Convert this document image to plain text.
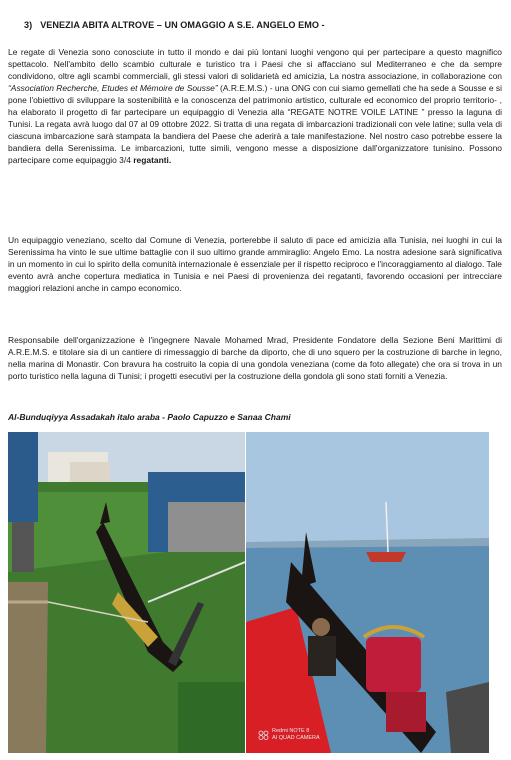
3) VENEZIA ABITA ALTROVE – UN OMAGGIO A S.E. ANGELO EMO -

Le regate di Venezia sono conosciute in tutto il mondo e dai più lontani luoghi vengono qui per partecipare a questo magnifico spettacolo. Nell'ambito dello scambio culturale e turistico tra i Paesi che si affacciano sul Mediterraneo e che da sempre condividono, oltre agli scambi commerciali, gli stessi valori di solidarietà ed amicizia, La nostra associazione, in collaborazione con “Association Recherche, Etudes et Mémoire de Sousse” (A.R.E.M.S.) - una ONG con cui siamo gemellati che ha sede a Sousse e si pone l'obiettivo di sviluppare la sostenibilità e la conoscenza del patrimonio artistico, culturale ed economico del proprio territorio- , ha elaborato il progetto di far partecipare un equipaggio di Venezia alla “REGATE NOTRE VOILE LATINE ” presso la laguna di Tunisi. La regata avrà luogo dal 07 al 09 ottobre 2022. Si tratta di una regata di imbarcazioni tradizionali con vele latine; sulla vela di ciascuna imbarcazione sarà stampata la bandiera del Paese che aderirà a tale manifestazione. Nel nostro caso potrebbe essere la bandiera della Serenissima. Le imbarcazioni, tutte simili, vengono messe a disposizione dall'organizzatore tunisino. Possono partecipare come equipaggio 3/4 regatanti.

Un equipaggio veneziano, scelto dal Comune di Venezia, porterebbe il saluto di pace ed amicizia alla Tunisia, nei luoghi in cui la Serenissima ha vinto le sue ultime battaglie con il suo ultimo grande ammiraglio: Angelo Emo. La nostra adesione sarà significativa in un momento in cui lo spirito della comunità internazionale è essenziale per il rispetto reciproco e l'incoraggiamento al dialogo. Tale evento avrà anche copertura mediatica in Tunisia e nei Paesi di provenienza dei regatanti, favorendo occasioni per intrecciare maggiori relazioni anche in campo economico.

Responsabile dell'organizzazione è l'ingegnere Navale Mohamed Mrad, Presidente Fondatore della Sezione Beni Marittimi di A.R.E.M.S. e titolare sia di un cantiere di rimessaggio di barche da diporto, che di uno squero per la costruzione di barche in legno, nella marina di Monastir. Con bravura ha costruito la copia di una gondola veneziana (come da foto allegate) che ora si trova in un porto turistico nella laguna di Tunisi; i progetti esecutivi per la costruzione della gondola gli sono stati forniti a Venezia.

Al-Bunduqiyya Assadakah italo araba - Paolo Capuzzo e Sanaa Chami
Redmi NOTE 8
AI QUAD CAMERA
